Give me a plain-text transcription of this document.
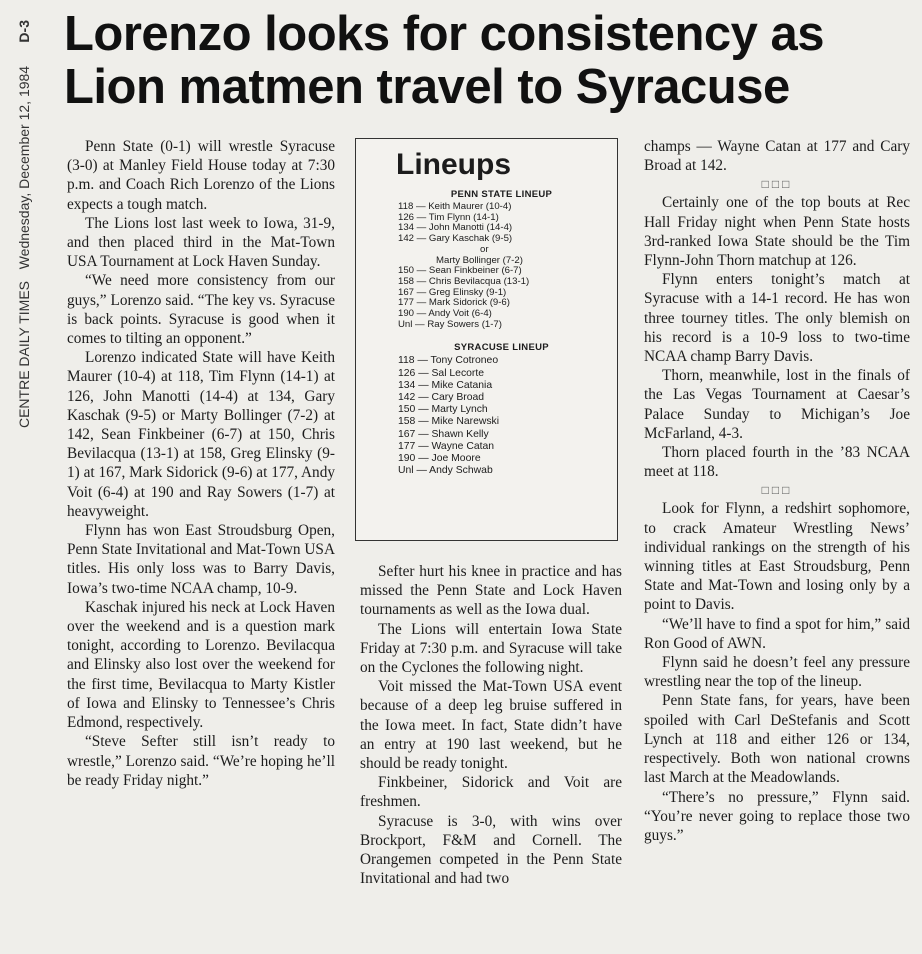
CENTRE DAILY TIMES   Wednesday, December 12, 1984      D-3 Lorenzo looks for consistency as
Lion matmen travel to Syracuse

Penn State (0-1) will wrestle Syracuse (3-0) at Manley Field House today at 7:30 p.m. and Coach Rich Lorenzo of the Lions expects a tough match.

The Lions lost last week to Iowa, 31-9, and then placed third in the Mat-Town USA Tournament at Lock Haven Sunday.

“We need more consistency from our guys,” Lorenzo said. “The key vs. Syracuse is back points. Syracuse is good when it comes to tilting an opponent.”

Lorenzo indicated State will have Keith Maurer (10-4) at 118, Tim Flynn (14-1) at 126, John Manotti (14-4) at 134, Gary Kaschak (9-5) or Marty Bollinger (7-2) at 142, Sean Finkbeiner (6-7) at 150, Chris Bevilacqua (13-1) at 158, Greg Elinsky (9-1) at 167, Mark Sidorick (9-6) at 177, Andy Voit (6-4) at 190 and Ray Sowers (1-7) at heavyweight.

Flynn has won East Stroudsburg Open, Penn State Invitational and Mat-Town USA titles. His only loss was to Barry Davis, Iowa’s two-time NCAA champ, 10-9.

Kaschak injured his neck at Lock Haven over the weekend and is a question mark tonight, according to Lorenzo. Bevilacqua and Elinsky also lost over the weekend for the first time, Bevilacqua to Marty Kistler of Iowa and Elinsky to Tennessee’s Chris Edmond, respectively.

“Steve Sefter still isn’t ready to wrestle,” Lorenzo said. “We’re hoping he’ll be ready Friday night.”

Lineups
PENN STATE LINEUP
118 — Keith Maurer (10-4)
126 — Tim Flynn (14-1)
134 — John Manotti (14-4)
142 — Gary Kaschak (9-5)
or
Marty Bollinger (7-2)
150 — Sean Finkbeiner (6-7)
158 — Chris Bevilacqua (13-1)
167 — Greg Elinsky (9-1)
177 — Mark Sidorick (9-6)
190 — Andy Voit (6-4)
Unl — Ray Sowers (1-7)
SYRACUSE LINEUP
118 — Tony Cotroneo
126 — Sal Lecorte
134 — Mike Catania
142 — Cary Broad
150 — Marty Lynch
158 — Mike Narewski
167 — Shawn Kelly
177 — Wayne Catan
190 — Joe Moore
Unl — Andy Schwab

Sefter hurt his knee in practice and has missed the Penn State and Lock Haven tournaments as well as the Iowa dual.

The Lions will entertain Iowa State Friday at 7:30 p.m. and Syracuse will take on the Cyclones the following night.

Voit missed the Mat-Town USA event because of a deep leg bruise suffered in the Iowa meet. In fact, State didn’t have an entry at 190 last weekend, but he should be ready tonight.

Finkbeiner, Sidorick and Voit are freshmen.

Syracuse is 3-0, with wins over Brockport, F&M and Cornell. The Orangemen competed in the Penn State Invitational and had two

champs — Wayne Catan at 177 and Cary Broad at 142.

□□□

Certainly one of the top bouts at Rec Hall Friday night when Penn State hosts 3rd-ranked Iowa State should be the Tim Flynn-John Thorn matchup at 126.

Flynn enters tonight’s match at Syracuse with a 14-1 record. He has won three tourney titles. The only blemish on his record is a 10-9 loss to two-time NCAA champ Barry Davis.

Thorn, meanwhile, lost in the finals of the Las Vegas Tournament at Caesar’s Palace Sunday to Michigan’s Joe McFarland, 4-3.

Thorn placed fourth in the ’83 NCAA meet at 118.

□□□

Look for Flynn, a redshirt sophomore, to crack Amateur Wrestling News’ individual rankings on the strength of his winning titles at East Stroudsburg, Penn State and Mat-Town and losing only by a point to Davis.

“We’ll have to find a spot for him,” said Ron Good of AWN.

Flynn said he doesn’t feel any pressure wrestling near the top of the lineup.

Penn State fans, for years, have been spoiled with Carl DeStefanis and Scott Lynch at 118 and either 126 or 134, respectively. Both won national crowns last March at the Meadowlands.

“There’s no pressure,” Flynn said. “You’re never going to replace those two guys.”
